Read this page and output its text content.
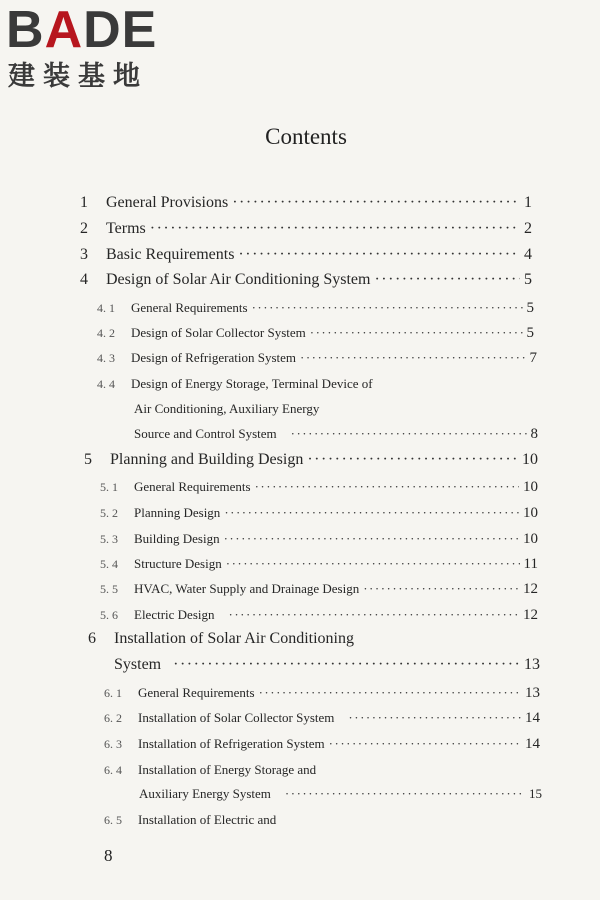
BADE
建装基地
Contents
1	General Provisions ·····	1
2	Terms ·····	2
3	Basic Requirements ·····	4
4	Design of Solar Air Conditioning System ·····	5
4. 1	General Requirements ·····	5
4. 2	Design of Solar Collector System ·····	5
4. 3	Design of Refrigeration System ·····	7
4. 4 Design of Energy Storage, Terminal Device of
Air Conditioning, Auxiliary Energy
Source and Control System ·····	8
5	Planning and Building Design ·····	10
5. 1	General Requirements ·····	10
5. 2	Planning Design ·····	10
5. 3	Building Design ·····	10
5. 4	Structure Design ·····	11
5. 5	HVAC, Water Supply and Drainage Design ·····	12
5. 6	Electric Design ·····	12
6 Installation of Solar Air Conditioning
System ·····	13
6. 1	General Requirements ·····	13
6. 2	Installation of Solar Collector System ·····	14
6. 3	Installation of Refrigeration System ·····	14
6. 4 Installation of Energy Storage and
Auxiliary Energy System ·····	15
6. 5 Installation of Electric and
8
